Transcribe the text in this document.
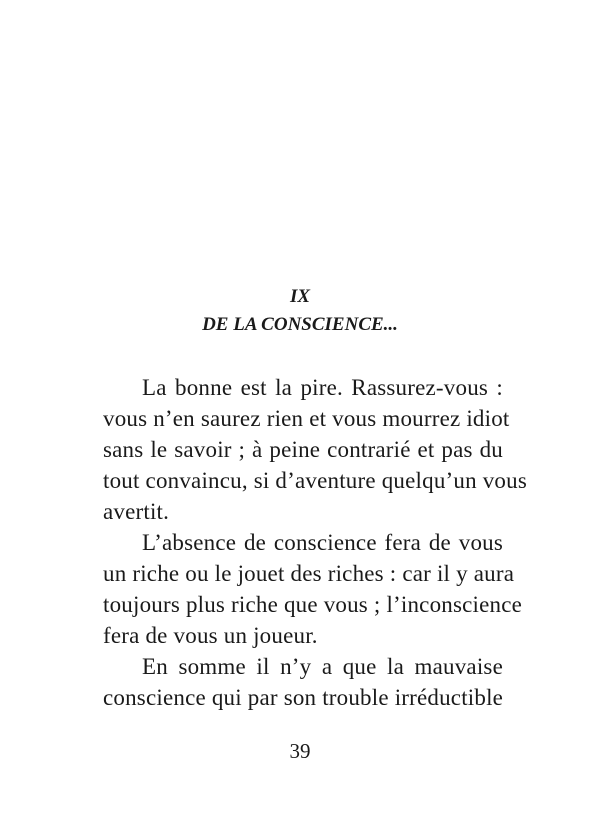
IX
DE LA CONSCIENCE...
La bonne est la pire. Rassurez-vous :
vous n’en saurez rien et vous mourrez idiot
sans le savoir ; à peine contrarié et pas du
tout convaincu, si d’aventure quelqu’un vous
avertit.
L’absence de conscience fera de vous
un riche ou le jouet des riches : car il y aura
toujours plus riche que vous ; l’inconscience
fera de vous un joueur.
En somme il n’y a que la mauvaise
conscience qui par son trouble irréductible
39
